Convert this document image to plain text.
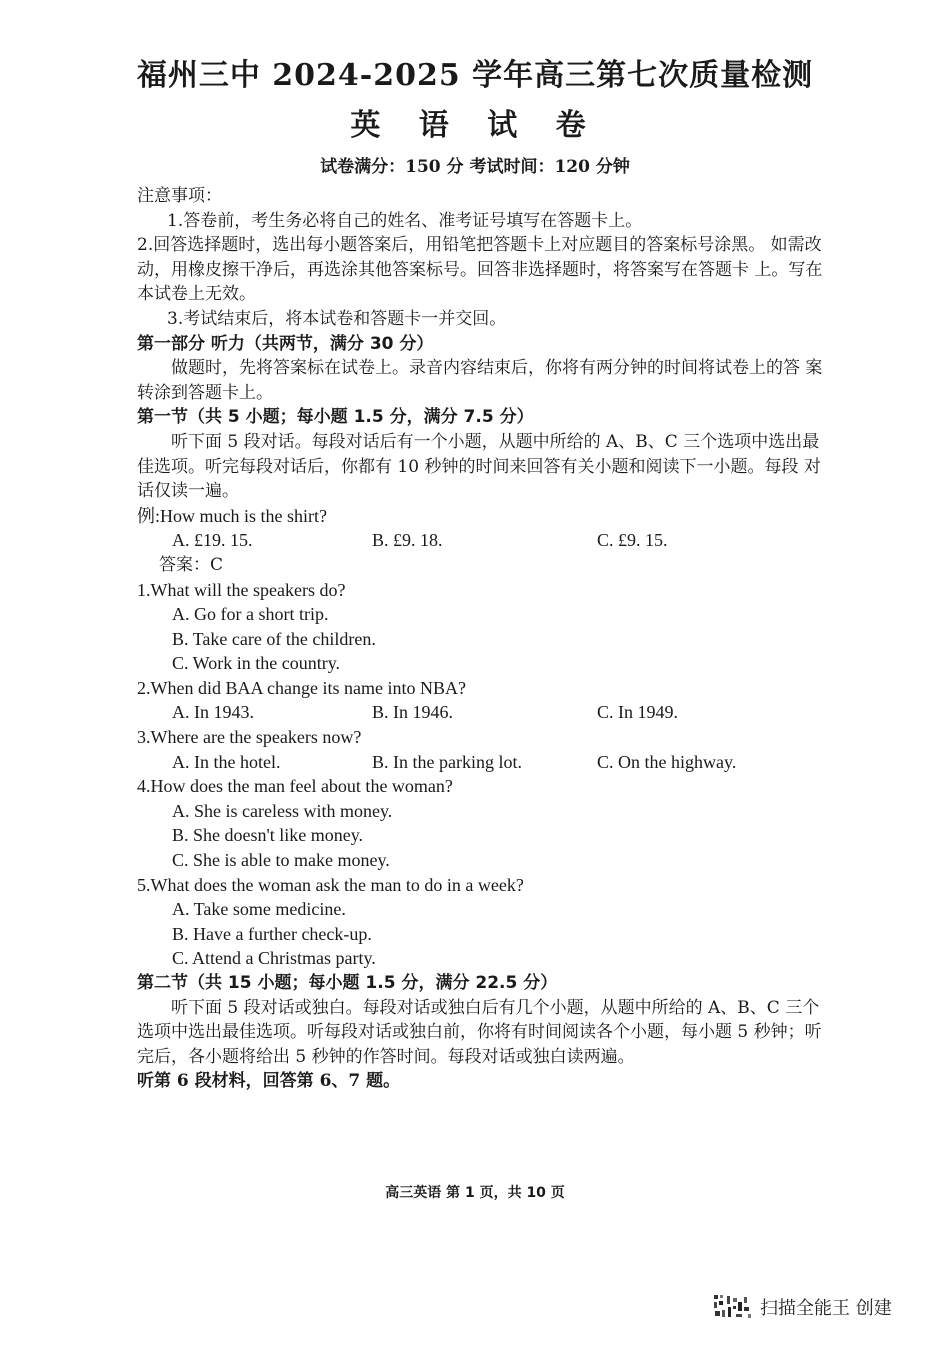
福州三中 2024-2025 学年高三第七次质量检测
英 语 试 卷
试卷满分：150 分 考试时间：120 分钟

注意事项：

1.答卷前，考生务必将自己的姓名、准考证号填写在答题卡上。

2.回答选择题时，选出每小题答案后，用铅笔把答题卡上对应题目的答案标号涂黑。 如需改动，用橡皮擦干净后，再选涂其他答案标号。回答非选择题时，将答案写在答题卡 上。写在本试卷上无效。

3.考试结束后，将本试卷和答题卡一并交回。

第一部分 听力（共两节，满分 30 分）

做题时，先将答案标在试卷上。录音内容结束后，你将有两分钟的时间将试卷上的答 案转涂到答题卡上。

第一节（共 5 小题；每小题 1.5 分，满分 7.5 分）

听下面 5 段对话。每段对话后有一个小题，从题中所给的 A、B、C 三个选项中选出最 佳选项。听完每段对话后，你都有 10 秒钟的时间来回答有关小题和阅读下一小题。每段 对话仅读一遍。

例:How much is the shirt?

A. £19. 15.	B. £9. 18.	C. £9. 15.

答案：C

1.What will the speakers do?

A. Go for a short trip.

B. Take care of the children.

C. Work in the country.

2.When did BAA change its name into NBA?

A. In 1943.	B. In 1946.	C. In 1949.

3.Where are the speakers now?

A. In the hotel.	B. In the parking lot.	C. On the highway.

4.How does the man feel about the woman?

A. She is careless with money.

B. She doesn't like money.

C. She is able to make money.

5.What does the woman ask the man to do in a week?

A. Take some medicine.

B. Have a further check-up.

C. Attend a Christmas party.

第二节（共 15 小题；每小题 1.5 分，满分 22.5 分）

听下面 5 段对话或独白。每段对话或独白后有几个小题，从题中所给的 A、B、C 三个 选项中选出最佳选项。听每段对话或独白前，你将有时间阅读各个小题，每小题 5 秒钟；听 完后，各小题将给出 5 秒钟的作答时间。每段对话或独白读两遍。

听第 6 段材料，回答第 6、7 题。

高三英语 第 1 页，共 10 页
扫描全能王 创建
